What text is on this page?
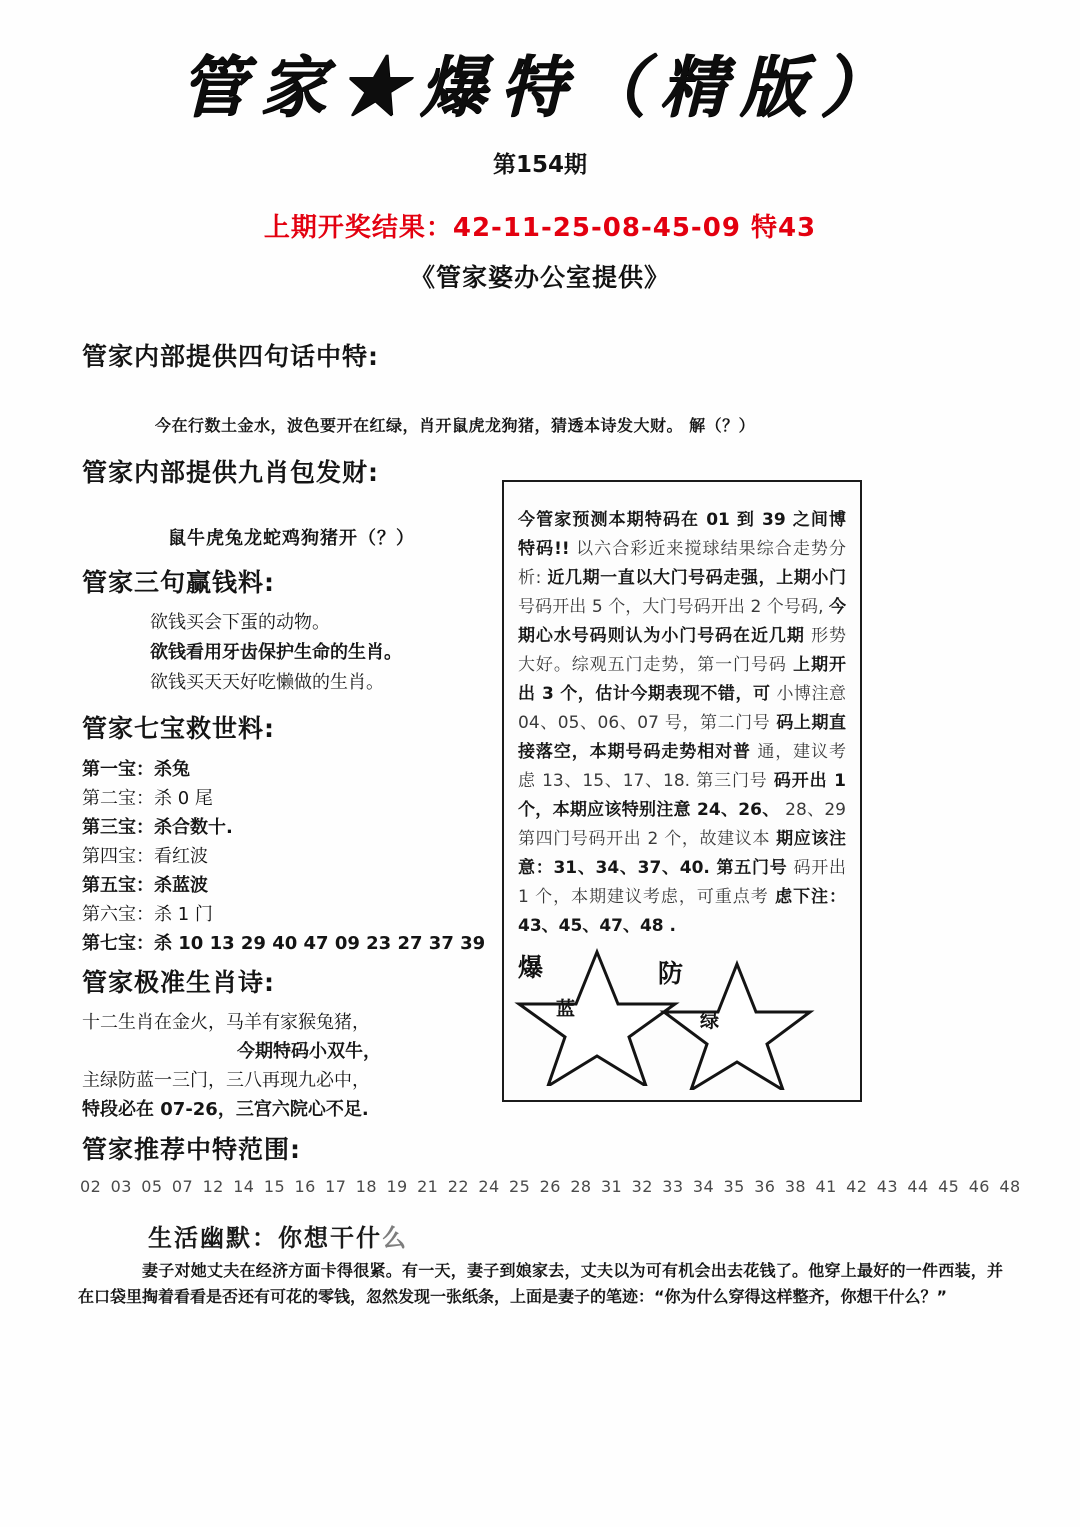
管家★爆特（精版）
第154期
上期开奖结果：42-11-25-08-45-09 特43
《管家婆办公室提供》
管家内部提供四句话中特:
今在行数土金水，波色要开在红绿，肖开鼠虎龙狗猪，猜透本诗发大财。 解（？）
管家内部提供九肖包发财:
鼠牛虎兔龙蛇鸡狗猪开（？）
管家三句赢钱料:
欲钱买会下蛋的动物。
欲钱看用牙齿保护生命的生肖。
欲钱买天天好吃懒做的生肖。
管家七宝救世料:
第一宝：杀兔
第二宝：杀 0 尾
第三宝：杀合数十.
第四宝：看红波
第五宝：杀蓝波
第六宝：杀 1 门
第七宝：杀 10 13 29 40 47 09 23 27 37 39
管家极准生肖诗:
十二生肖在金火，马羊有家猴兔猪，
今期特码小双牛，
主绿防蓝一三门，三八再现九必中，
特段必在 07-26，三宫六院心不足.
管家推荐中特范围:
02 03 05 07 12 14 15 16 17 18 19 21 22 24 25 26 28 31 32 33 34 35 36 38 41 42 43 44 45 46 48
生活幽默：你想干什么
妻子对她丈夫在经济方面卡得很紧。有一天，妻子到娘家去，丈夫以为可有机会出去花钱了。他穿上最好的一件西装，并在口袋里掏着看看是否还有可花的零钱，忽然发现一张纸条，上面是妻子的笔迹：“你为什么穿得这样整齐，你想干什么？”
今管家预测本期特码在 01 到 39 之间博 特码!! 以六合彩近来搅球结果综合走势分析: 近几期一直以大门号码走强，上期小门 号码开出 5 个，大门号码开出 2 个号码, 今期心水号码则认为小门号码在近几期 形势大好。综观五门走势，第一门号码 上期开出 3 个，估计今期表现不错，可 小博注意 04、05、06、07 号，第二门号 码上期直接落空，本期号码走势相对普 通，建议考虑 13、15、17、18. 第三门号 码开出 1 个，本期应该特别注意 24、26、 28、29 第四门号码开出 2 个，故建议本 期应该注意：31、34、37、40. 第五门号 码开出 1 个，本期建议考虑，可重点考 虑下注：43、45、47、48 .
爆
蓝
防
绿
